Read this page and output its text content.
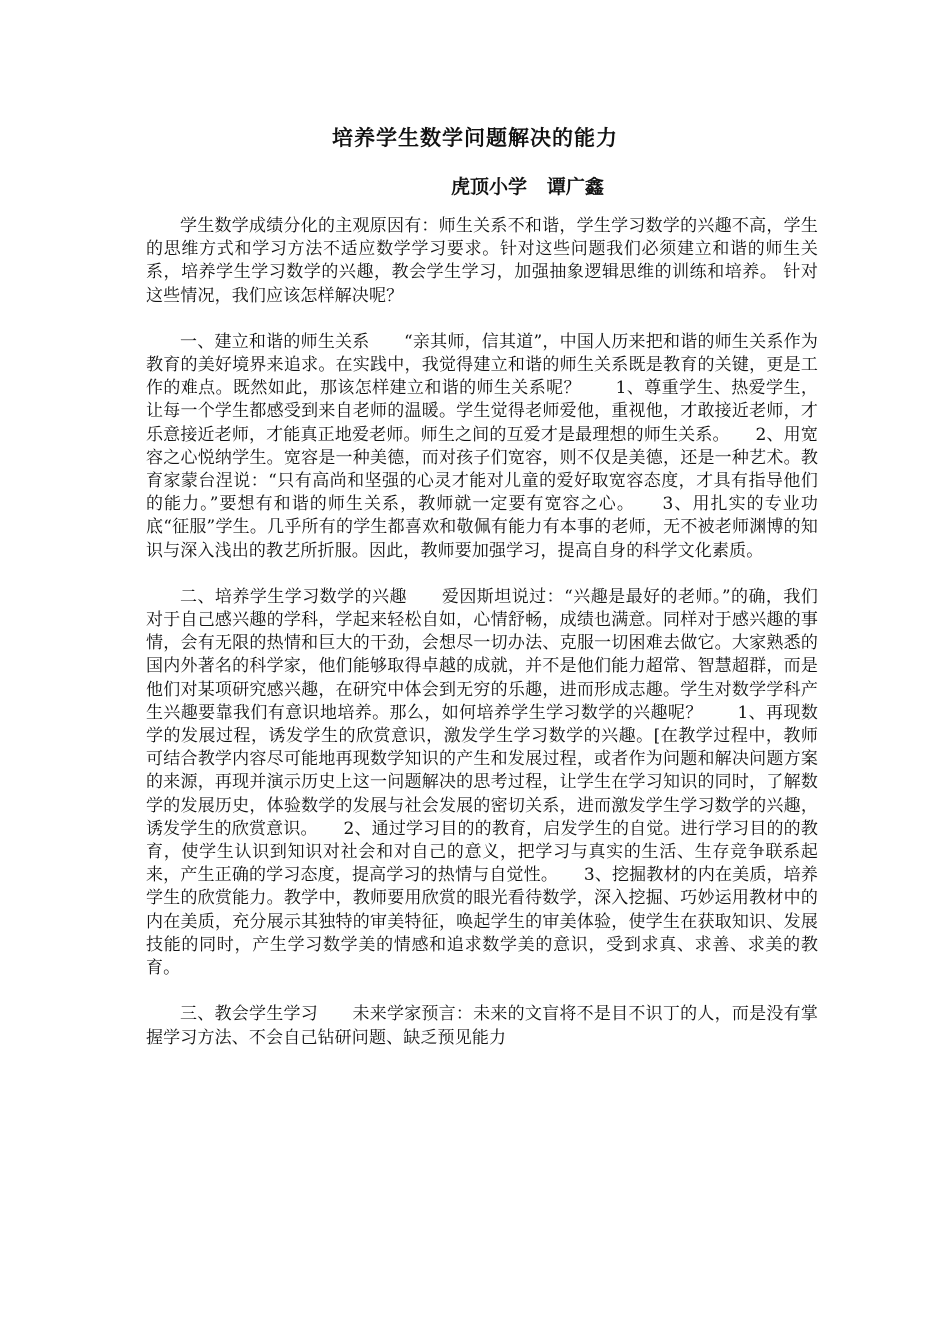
培养学生数学问题解决的能力
虎顶小学   谭广鑫

学生数学成绩分化的主观原因有：师生关系不和谐，学生学习数学的兴趣不高，学生的思维方式和学习方法不适应数学学习要求。针对这些问题我们必须建立和谐的师生关系，培养学生学习数学的兴趣，教会学生学习，加强抽象逻辑思维的训练和培养。 针对这些情况，我们应该怎样解决呢？

一、建立和谐的师生关系　　“亲其师，信其道”，中国人历来把和谐的师生关系作为教育的美好境界来追求。在实践中，我觉得建立和谐的师生关系既是教育的关键，更是工作的难点。既然如此，那该怎样建立和谐的师生关系呢？　　1、尊重学生、热爱学生，让每一个学生都感受到来自老师的温暖。学生觉得老师爱他，重视他，才敢接近老师，才乐意接近老师，才能真正地爱老师。师生之间的互爱才是最理想的师生关系。　　2、用宽容之心悦纳学生。宽容是一种美德，而对孩子们宽容，则不仅是美德，还是一种艺术。教育家蒙台涅说：“只有高尚和坚强的心灵才能对儿童的爱好取宽容态度，才具有指导他们的能力。”要想有和谐的师生关系，教师就一定要有宽容之心。　　3、用扎实的专业功底“征服”学生。几乎所有的学生都喜欢和敬佩有能力有本事的老师，无不被老师渊博的知识与深入浅出的教艺所折服。因此，教师要加强学习，提高自身的科学文化素质。

二、培养学生学习数学的兴趣　　爱因斯坦说过：“兴趣是最好的老师。”的确，我们对于自己感兴趣的学科，学起来轻松自如，心情舒畅，成绩也满意。同样对于感兴趣的事情，会有无限的热情和巨大的干劲，会想尽一切办法、克服一切困难去做它。大家熟悉的国内外著名的科学家，他们能够取得卓越的成就，并不是他们能力超常、智慧超群，而是他们对某项研究感兴趣，在研究中体会到无穷的乐趣，进而形成志趣。学生对数学学科产生兴趣要靠我们有意识地培养。那么，如何培养学生学习数学的兴趣呢？　　1、再现数学的发展过程，诱发学生的欣赏意识，激发学生学习数学的兴趣。[在教学过程中，教师可结合教学内容尽可能地再现数学知识的产生和发展过程，或者作为问题和解决问题方案的来源，再现并演示历史上这一问题解决的思考过程，让学生在学习知识的同时，了解数学的发展历史，体验数学的发展与社会发展的密切关系，进而激发学生学习数学的兴趣，诱发学生的欣赏意识。　　2、通过学习目的的教育，启发学生的自觉。进行学习目的的教育，使学生认识到知识对社会和对自己的意义，把学习与真实的生活、生存竞争联系起来，产生正确的学习态度，提高学习的热情与自觉性。　　3、挖掘教材的内在美质，培养学生的欣赏能力。教学中，教师要用欣赏的眼光看待数学，深入挖掘、巧妙运用教材中的内在美质，充分展示其独特的审美特征，唤起学生的审美体验，使学生在获取知识、发展技能的同时，产生学习数学美的情感和追求数学美的意识，受到求真、求善、求美的教育。

三、教会学生学习　　未来学家预言：未来的文盲将不是目不识丁的人，而是没有掌握学习方法、不会自己钻研问题、缺乏预见能力
